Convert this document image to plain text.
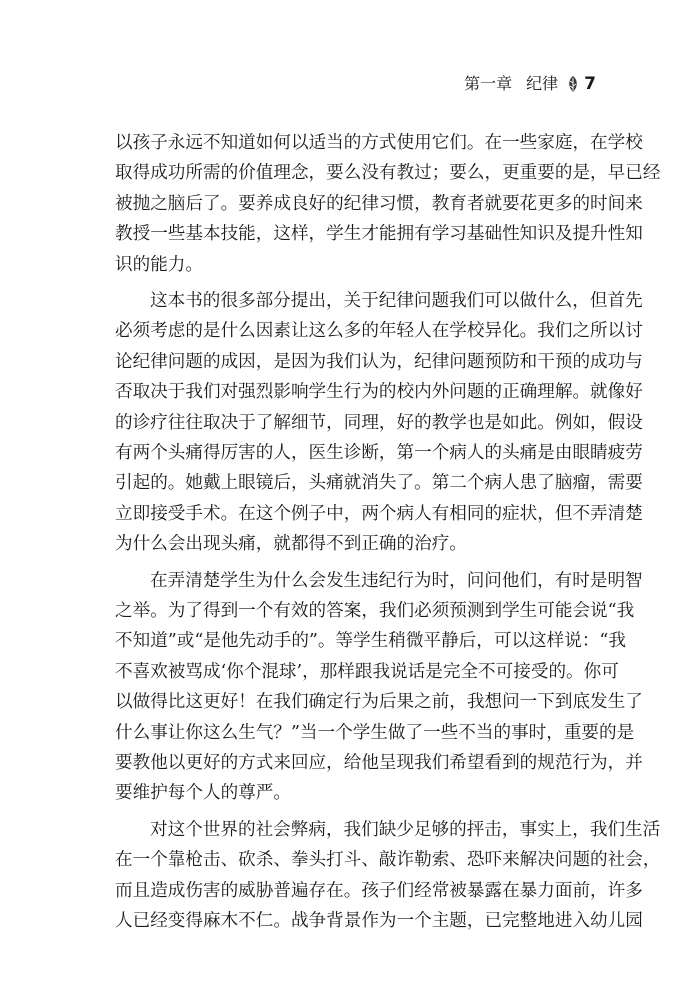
第一章 纪律 7
以孩子永远不知道如何以适当的方式使用它们。在一些家庭，在学校
取得成功所需的价值理念，要么没有教过；要么，更重要的是，早已经
被抛之脑后了。要养成良好的纪律习惯，教育者就要花更多的时间来
教授一些基本技能，这样，学生才能拥有学习基础性知识及提升性知
识的能力。
这本书的很多部分提出，关于纪律问题我们可以做什么，但首先
必须考虑的是什么因素让这么多的年轻人在学校异化。我们之所以讨
论纪律问题的成因，是因为我们认为，纪律问题预防和干预的成功与
否取决于我们对强烈影响学生行为的校内外问题的正确理解。就像好
的诊疗往往取决于了解细节，同理，好的教学也是如此。例如，假设
有两个头痛得厉害的人，医生诊断，第一个病人的头痛是由眼睛疲劳
引起的。她戴上眼镜后，头痛就消失了。第二个病人患了脑瘤，需要
立即接受手术。在这个例子中，两个病人有相同的症状，但不弄清楚
为什么会出现头痛，就都得不到正确的治疗。
在弄清楚学生为什么会发生违纪行为时，问问他们，有时是明智
之举。为了得到一个有效的答案，我们必须预测到学生可能会说“我
不知道”或“是他先动手的”。等学生稍微平静后，可以这样说：“我
不喜欢被骂成‘你个混球’，那样跟我说话是完全不可接受的。你可
以做得比这更好！在我们确定行为后果之前，我想问一下到底发生了
什么事让你这么生气？”当一个学生做了一些不当的事时，重要的是
要教他以更好的方式来回应，给他呈现我们希望看到的规范行为，并
要维护每个人的尊严。
对这个世界的社会弊病，我们缺少足够的抨击，事实上，我们生活
在一个靠枪击、砍杀、拳头打斗、敲诈勒索、恐吓来解决问题的社会，
而且造成伤害的威胁普遍存在。孩子们经常被暴露在暴力面前，许多
人已经变得麻木不仁。战争背景作为一个主题，已完整地进入幼儿园
